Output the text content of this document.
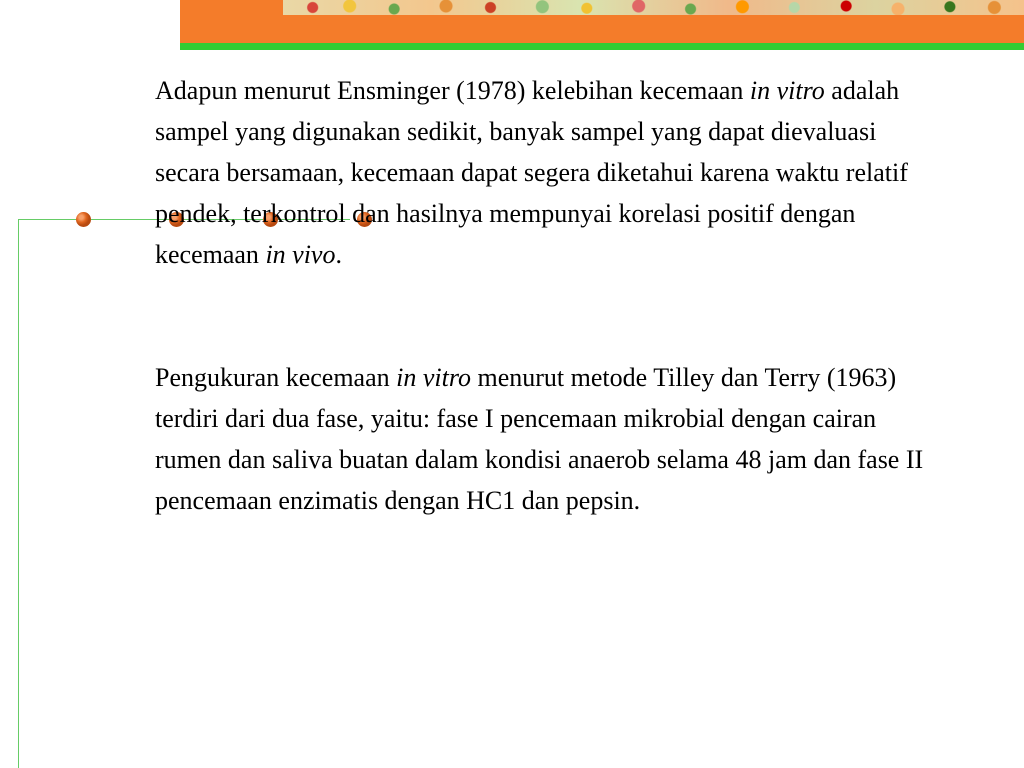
Adapun menurut Ensminger (1978) kelebihan kecemaan in vitro adalah sampel yang digunakan sedikit, banyak sampel yang dapat dievaluasi secara bersamaan, kecemaan dapat segera diketahui karena waktu relatif pendek, terkontrol dan hasilnya mempunyai korelasi positif dengan kecemaan in vivo.

Pengukuran kecemaan in vitro menurut metode Tilley dan Terry (1963) terdiri dari dua fase, yaitu: fase I pencemaan mikrobial dengan cairan rumen dan saliva buatan dalam kondisi anaerob selama 48 jam dan fase II pencemaan enzimatis dengan HC1 dan pepsin.
